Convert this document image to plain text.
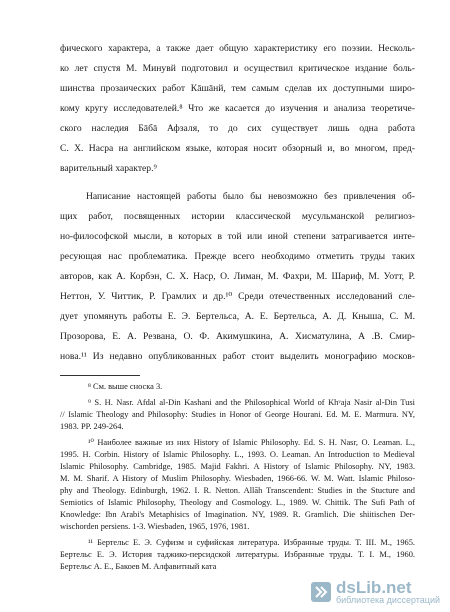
фического характера, а также дает общую характеристику его поэзии. Несколь-
ко лет спустя М. Минувй подготовил и осуществил критическое издание боль-
шинства прозаических работ Кāшāнй, тем самым сделав их доступными широ-
кому кругу исследователей.⁸ Что же касается до изучения и анализа теоретиче-
ского наследия Бāбā Афзаля, то до сих существует лишь одна работа
С. Х. Насра на английском языке, которая носит обзорный и, во многом, пред-
варительный характер.⁹
Написание настоящей работы было бы невозможно без привлечения об-
щих работ, посвященных истории классической мусульманской религиоз-
но-философской мысли, в которых в той или иной степени затрагивается инте-
ресующая нас проблематика. Прежде всего необходимо отметить труды таких
авторов, как А. Корбэн, С. Х. Наср, О. Лиман, М. Фахри, М. Шариф, М. Уотт, Р.
Неттон, У. Читтик, Р. Грамлих и др.¹⁰ Среди отечественных исследований сле-
дует упомянуть работы Е. Э. Бертельса, А. Е. Бертельса, А. Д. Кныша, С. М.
Прозорова, Е. А. Резвана, О. Ф. Акимушкина, А. Хисматулина, А .В. Смир-
нова.¹¹ Из недавно опубликованных работ стоит выделить монографию москов-
⁸ См. выше сноска 3.
⁹ S. H. Nasr. Afdal al-Din Kashani and the Philosophical World of Khᵛaja Nasir al-Din Tusi
// Islamic Theology and Philosophy: Studies in Honor of George Hourani. Ed. M. E. Marmura. NY,
1983. PP. 249-264.
¹⁰ Наиболее важные из них History of Islamic Philosophy. Ed. S. H. Nasr, O. Leaman. L.,
1995. H. Corbin. History of Islamic Philosophy. L., 1993. O. Leaman. An Introduction to Medieval
Islamic Philosophy. Cambridge, 1985. Majid Fakhri. A History of Islamic Philosophy. NY, 1983.
M. M. Sharif. A History of Muslim Philosophy. Wiesbaden, 1966-66. W. M. Watt. Islamic Philoso-
phy and Theology. Edinburgh, 1962. I. R. Netton. Allāh Transcendent: Studies in the Stucture and
Semiotics of Islamic Philosophy, Theology and Cosmology. L., 1989. W. Chittik. The Sufi Path of
Knowledge: Ibn Arabi's Metaphisics of Imagination. NY, 1989. R. Gramlich. Die shiitischen Der-
wischorden persiens. 1-3. Wiesbaden, 1965, 1976, 1981.
¹¹ Бертельс Е. Э. Суфизм и суфийская литература. Избранные труды. Т. III. М., 1965.
Бертельс Е. Э. История таджико-персидской литературы. Избранные труды. Т. I. М., 1960.
Бертельс А. Е., Бакоев М. Алфавитный ката
dsLib.net
библиотека диссертаций
